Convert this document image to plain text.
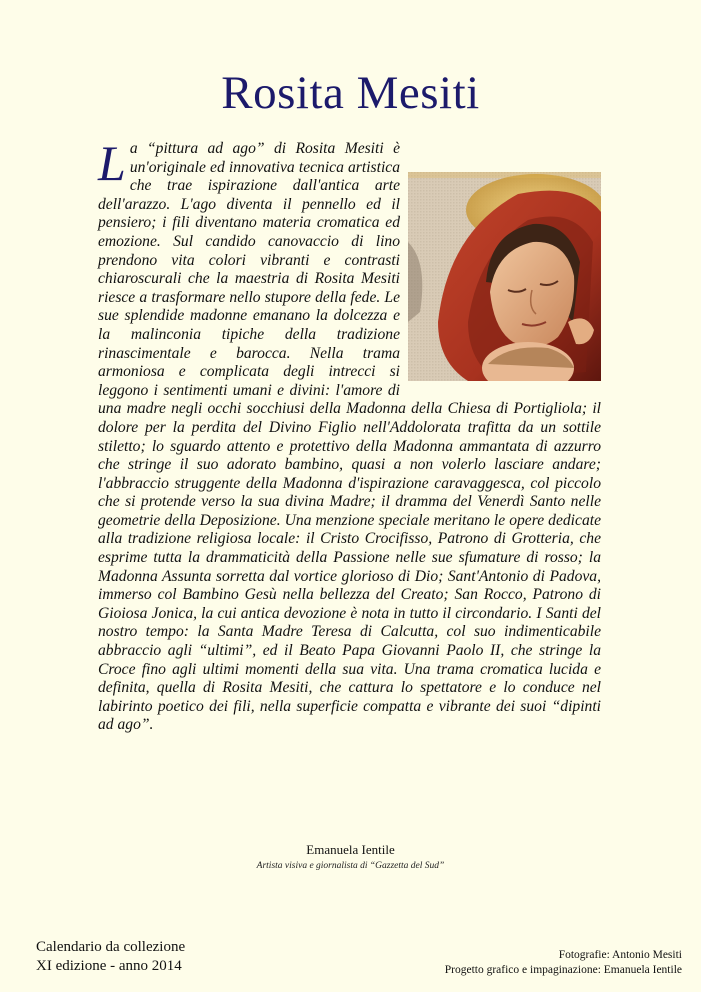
Rosita Mesiti

La “pittura ad ago” di Rosita Mesiti è un'originale ed innovativa tecnica artistica che trae ispirazione dall'antica arte dell'arazzo. L'ago diventa il pennello ed il pensiero; i fili diventano materia cromatica ed emozione. Sul candido canovaccio di lino prendono vita colori vibranti e contrasti chiaroscurali che la maestria di Rosita Mesiti riesce a trasformare nello stupore della fede. Le sue splendide madonne emanano la dolcezza e la malinconia tipiche della tradizione rinascimentale e barocca. Nella trama armoniosa e complicata degli intrecci si leggono i sentimenti umani e divini: l'amore di una madre negli occhi socchiusi della Madonna della Chiesa di Portigliola; il dolore per la perdita del Divino Figlio nell'Addolorata trafitta da un sottile stiletto; lo sguardo attento e protettivo della Madonna ammantata di azzurro che stringe il suo adorato bambino, quasi a non volerlo lasciare andare; l'abbraccio struggente della Madonna d'ispirazione caravaggesca, col piccolo che si protende verso la sua divina Madre; il dramma del Venerdì Santo nelle geometrie della Deposizione. Una menzione speciale meritano le opere dedicate alla tradizione religiosa locale: il Cristo Crocifisso, Patrono di Grotteria, che esprime tutta la drammaticità della Passione nelle sue sfumature di rosso; la Madonna Assunta sorretta dal vortice glorioso di Dio; Sant'Antonio di Padova, immerso col Bambino Gesù nella bellezza del Creato; San Rocco, Patrono di Gioiosa Jonica, la cui antica devozione è nota in tutto il circondario. I Santi del nostro tempo: la Santa Madre Teresa di Calcutta, col suo indimenticabile abbraccio agli “ultimi”, ed il Beato Papa Giovanni Paolo II, che stringe la Croce fino agli ultimi momenti della sua vita. Una trama cromatica lucida e definita, quella di Rosita Mesiti, che cattura lo spettatore e lo conduce nel labirinto poetico dei fili, nella superficie compatta e vibrante dei suoi “dipinti ad ago”.

Emanuela Ientile
Artista visiva e giornalista di “Gazzetta del Sud”
Calendario da collezione
XI edizione - anno 2014
Fotografie: Antonio Mesiti
Progetto grafico e impaginazione: Emanuela Ientile
